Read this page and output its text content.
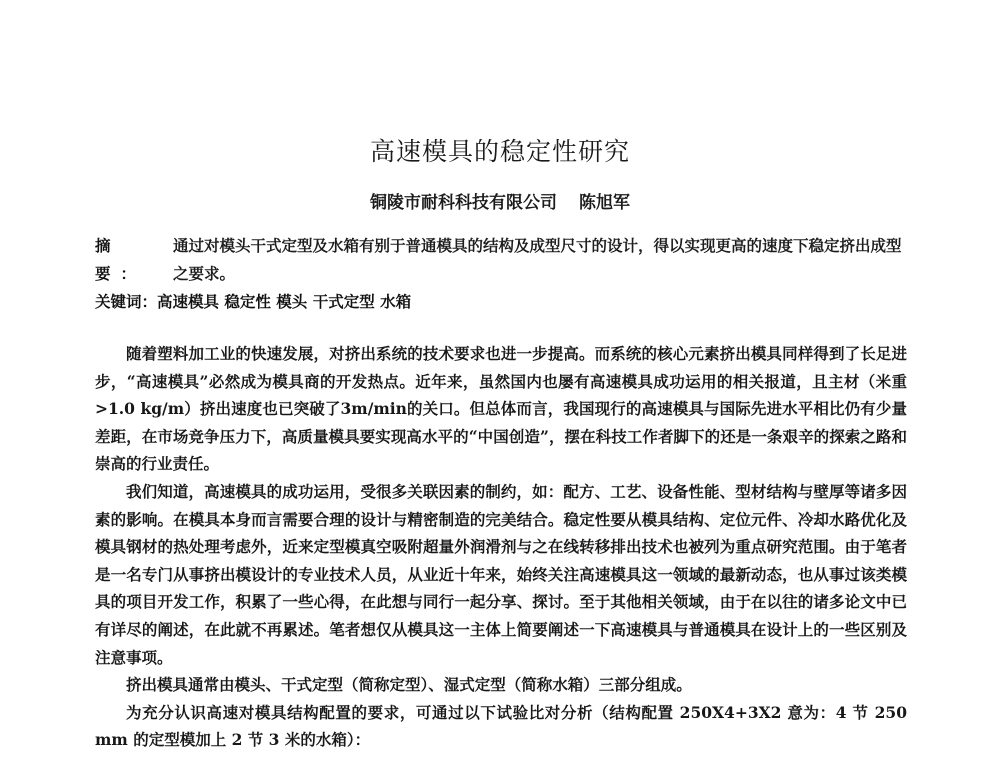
高速模具的稳定性研究
铜陵市耐科科技有限公司 陈旭军
摘 要：
通过对模头干式定型及水箱有别于普通模具的结构及成型尺寸的设计，得以实现更高的速度下稳定挤出成型之要求。
关键词：高速模具 稳定性 模头 干式定型 水箱

随着塑料加工业的快速发展，对挤出系统的技术要求也进一步提高。而系统的核心元素挤出模具同样得到了长足进步，“高速模具”必然成为模具商的开发热点。近年来，虽然国内也屡有高速模具成功运用的相关报道，且主材（米重>1.0 kg/m）挤出速度也已突破了3m/min的关口。但总体而言，我国现行的高速模具与国际先进水平相比仍有少量差距，在市场竞争压力下，高质量模具要实现高水平的“中国创造”，摆在科技工作者脚下的还是一条艰辛的探索之路和崇高的行业责任。

我们知道，高速模具的成功运用，受很多关联因素的制约，如：配方、工艺、设备性能、型材结构与壁厚等诸多因素的影响。在模具本身而言需要合理的设计与精密制造的完美结合。稳定性要从模具结构、定位元件、冷却水路优化及模具钢材的热处理考虑外，近来定型模真空吸附超量外润滑剂与之在线转移排出技术也被列为重点研究范围。由于笔者是一名专门从事挤出模设计的专业技术人员，从业近十年来，始终关注高速模具这一领域的最新动态，也从事过该类模具的项目开发工作，积累了一些心得，在此想与同行一起分享、探讨。至于其他相关领域，由于在以往的诸多论文中已有详尽的阐述，在此就不再累述。笔者想仅从模具这一主体上简要阐述一下高速模具与普通模具在设计上的一些区别及注意事项。

挤出模具通常由模头、干式定型（简称定型）、湿式定型（简称水箱）三部分组成。

为充分认识高速对模具结构配置的要求，可通过以下试验比对分析（结构配置 250X4+3X2 意为：4 节 250 mm 的定型模加上 2 节 3 米的水箱）：
